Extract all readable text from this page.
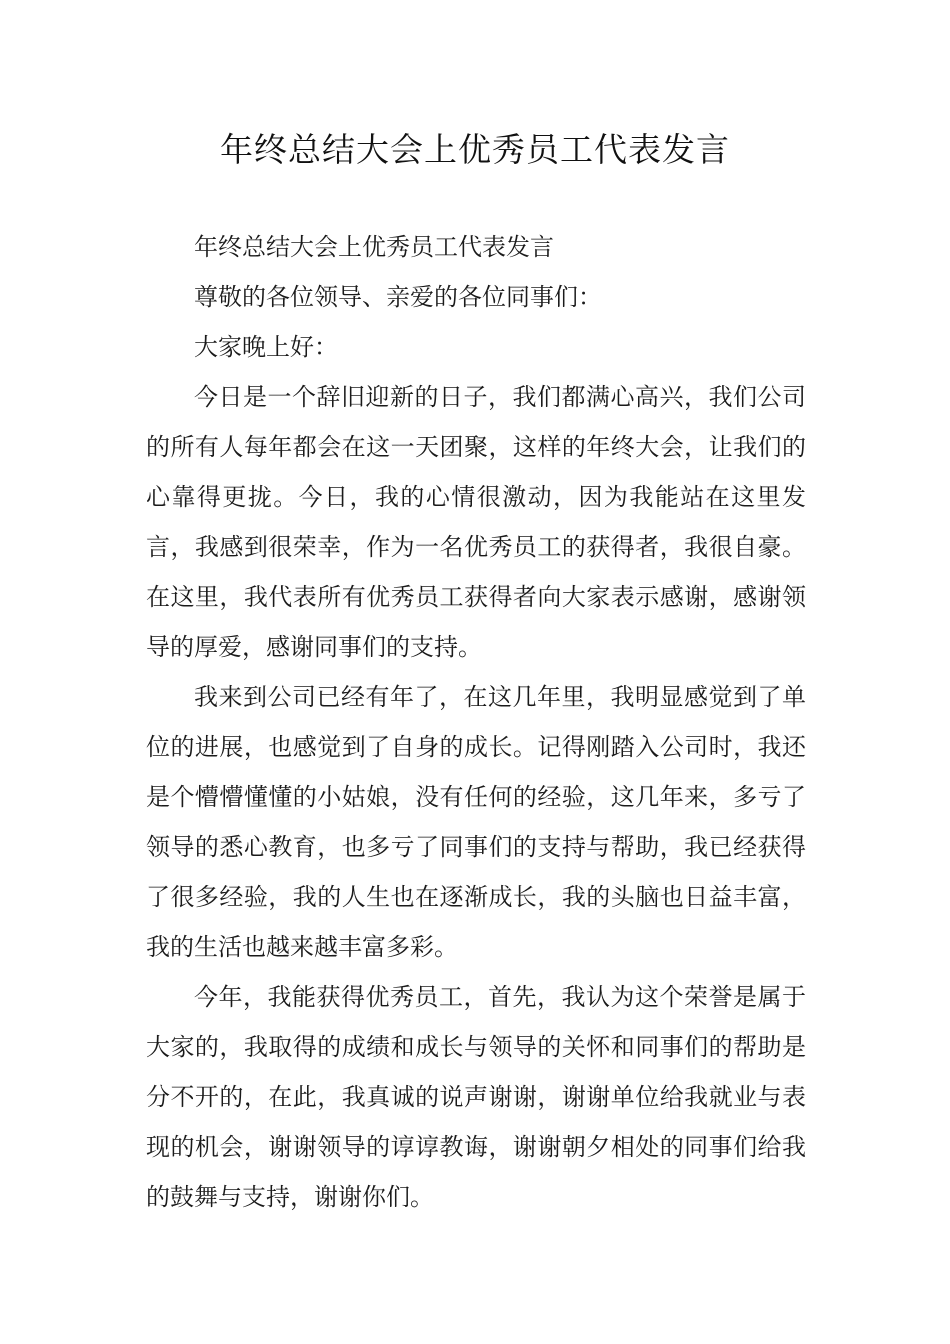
年终总结大会上优秀员工代表发言

年终总结大会上优秀员工代表发言

尊敬的各位领导、亲爱的各位同事们：

大家晚上好：

今日是一个辞旧迎新的日子，我们都满心高兴，我们公司的所有人每年都会在这一天团聚，这样的年终大会，让我们的心靠得更拢。今日，我的心情很激动，因为我能站在这里发言，我感到很荣幸，作为一名优秀员工的获得者，我很自豪。在这里，我代表所有优秀员工获得者向大家表示感谢，感谢领导的厚爱，感谢同事们的支持。

我来到公司已经有年了，在这几年里，我明显感觉到了单位的进展，也感觉到了自身的成长。记得刚踏入公司时，我还是个懵懵懂懂的小姑娘，没有任何的经验，这几年来，多亏了领导的悉心教育，也多亏了同事们的支持与帮助，我已经获得了很多经验，我的人生也在逐渐成长，我的头脑也日益丰富，我的生活也越来越丰富多彩。

今年，我能获得优秀员工，首先，我认为这个荣誉是属于大家的，我取得的成绩和成长与领导的关怀和同事们的帮助是分不开的，在此，我真诚的说声谢谢，谢谢单位给我就业与表现的机会，谢谢领导的谆谆教诲，谢谢朝夕相处的同事们给我的鼓舞与支持，谢谢你们。
